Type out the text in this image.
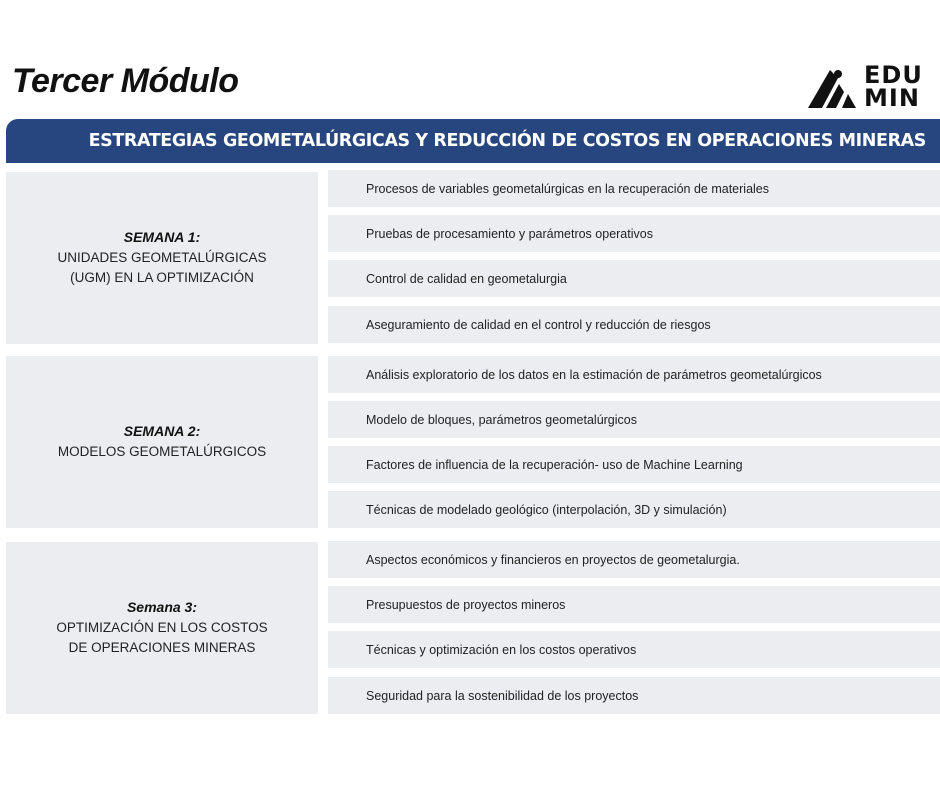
Tercer Módulo	EDU
MIN
ESTRATEGIAS GEOMETALÚRGICAS Y REDUCCIÓN DE COSTOS EN OPERACIONES MINERAS
SEMANA 1:
UNIDADES GEOMETALÚRGICAS
(UGM) EN LA OPTIMIZACIÓN
Procesos de variables geometalúrgicas en la recuperación de materiales
Pruebas de procesamiento y parámetros operativos
Control de calidad en geometalurgia
Aseguramiento de calidad en el control y reducción de riesgos
SEMANA 2:
MODELOS GEOMETALÚRGICOS
Análisis exploratorio de los datos en la estimación de parámetros geometalúrgicos
Modelo de bloques, parámetros geometalúrgicos
Factores de influencia de la recuperación- uso de Machine Learning
Técnicas de modelado geológico (interpolación, 3D y simulación)
Semana 3:
OPTIMIZACIÓN EN LOS COSTOS
DE OPERACIONES MINERAS
Aspectos económicos y financieros en proyectos de geometalurgia.
Presupuestos de proyectos mineros
Técnicas y optimización en los costos operativos
Seguridad para la sostenibilidad de los proyectos
